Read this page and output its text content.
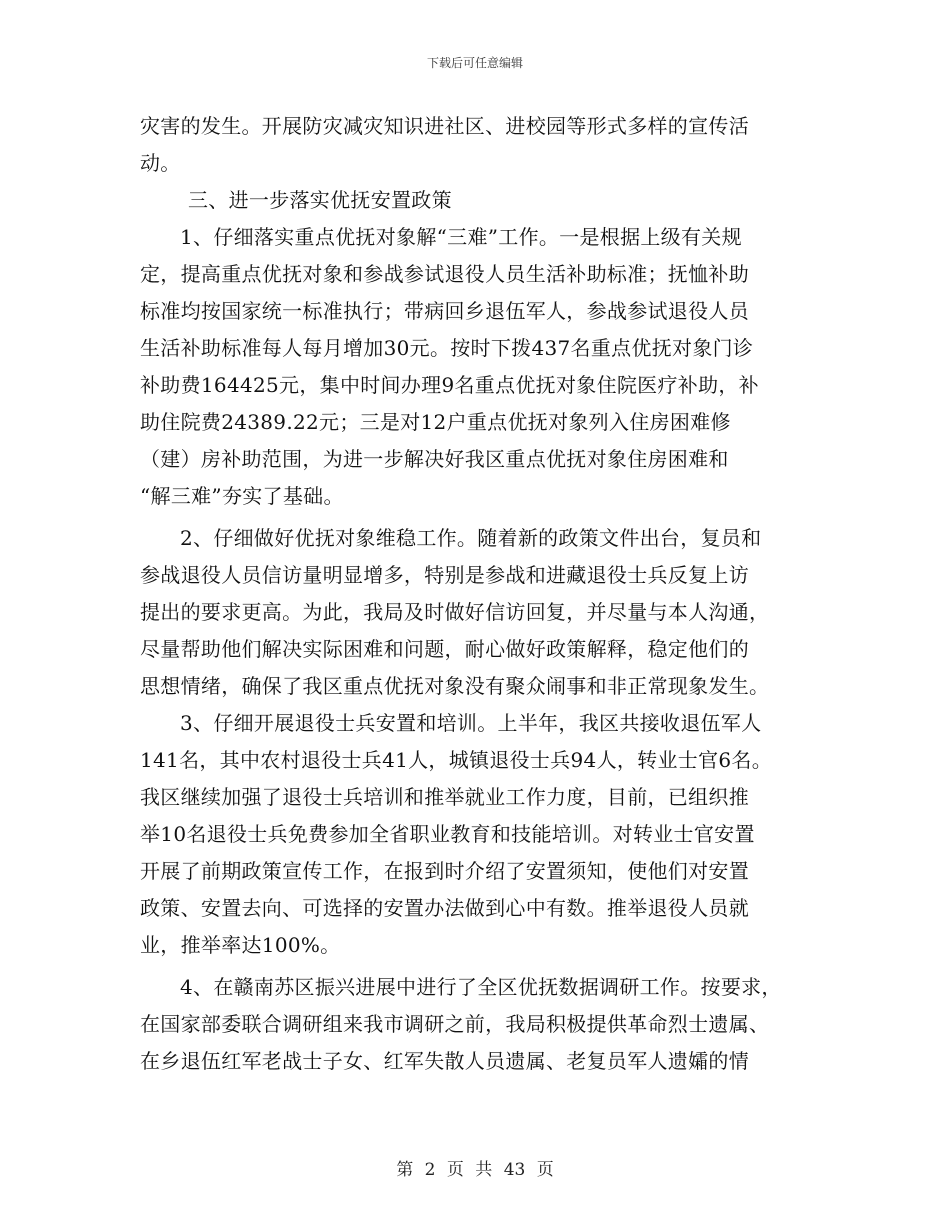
下载后可任意编辑
灾害的发生。开展防灾减灾知识进社区、进校园等形式多样的宣传活
动。
三、进一步落实优抚安置政策
1、仔细落实重点优抚对象解“三难”工作。一是根据上级有关规
定，提高重点优抚对象和参战参试退役人员生活补助标准；抚恤补助
标准均按国家统一标准执行；带病回乡退伍军人，参战参试退役人员
生活补助标准每人每月增加30元。按时下拨437名重点优抚对象门诊
补助费164425元，集中时间办理9名重点优抚对象住院医疗补助，补
助住院费24389.22元；三是对12户重点优抚对象列入住房困难修
（建）房补助范围，为进一步解决好我区重点优抚对象住房困难和
“解三难”夯实了基础。
2、仔细做好优抚对象维稳工作。随着新的政策文件出台，复员和
参战退役人员信访量明显增多，特别是参战和进藏退役士兵反复上访
提出的要求更高。为此，我局及时做好信访回复，并尽量与本人沟通，
尽量帮助他们解决实际困难和问题，耐心做好政策解释，稳定他们的
思想情绪，确保了我区重点优抚对象没有聚众闹事和非正常现象发生。
3、仔细开展退役士兵安置和培训。上半年，我区共接收退伍军人
141名，其中农村退役士兵41人，城镇退役士兵94人，转业士官6名。
我区继续加强了退役士兵培训和推举就业工作力度，目前，已组织推
举10名退役士兵免费参加全省职业教育和技能培训。对转业士官安置
开展了前期政策宣传工作，在报到时介绍了安置须知，使他们对安置
政策、安置去向、可选择的安置办法做到心中有数。推举退役人员就
业，推举率达100%。
4、在赣南苏区振兴进展中进行了全区优抚数据调研工作。按要求，
在国家部委联合调研组来我市调研之前，我局积极提供革命烈士遗属、
在乡退伍红军老战士子女、红军失散人员遗属、老复员军人遗孀的情
第 2 页 共 43 页
